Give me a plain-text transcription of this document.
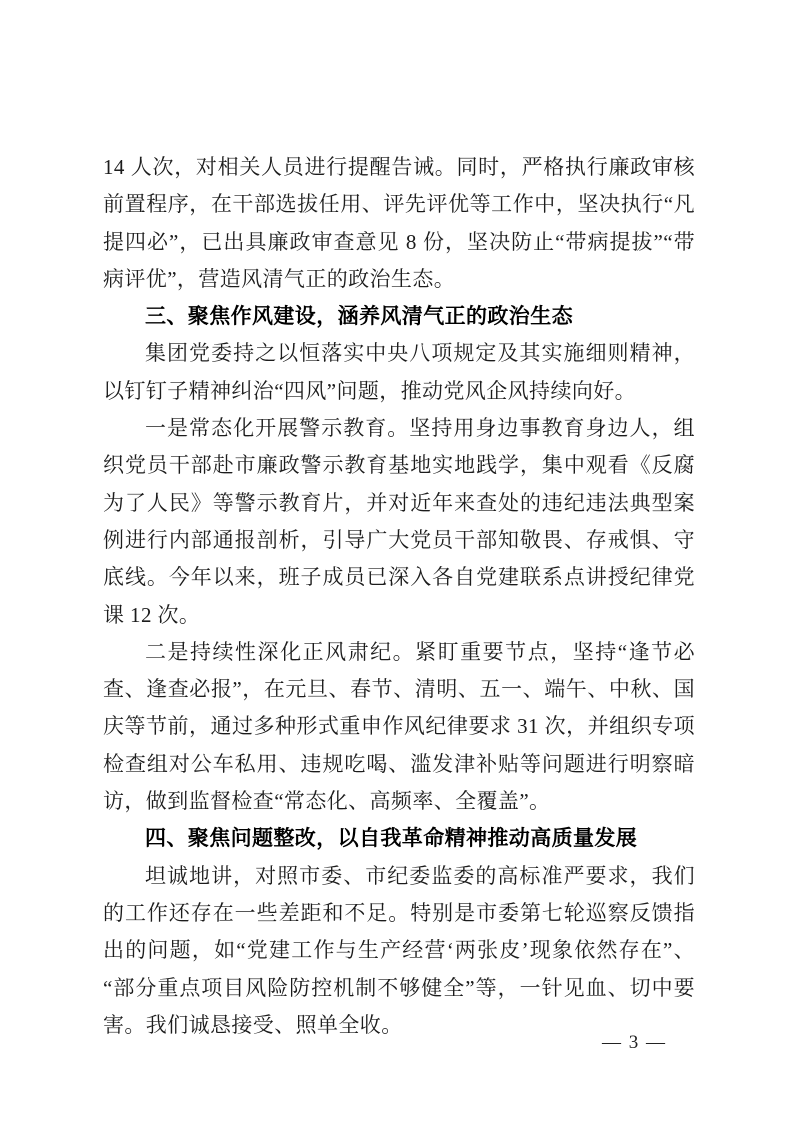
14 人次，对相关人员进行提醒告诫。同时，严格执行廉政审核前置程序，在干部选拔任用、评先评优等工作中，坚决执行“凡提四必”，已出具廉政审查意见 8 份，坚决防止“带病提拔”“带病评优”，营造风清气正的政治生态。

三、聚焦作风建设，涵养风清气正的政治生态

集团党委持之以恒落实中央八项规定及其实施细则精神，以钉钉子精神纠治“四风”问题，推动党风企风持续向好。

一是常态化开展警示教育。坚持用身边事教育身边人，组织党员干部赴市廉政警示教育基地实地践学，集中观看《反腐为了人民》等警示教育片，并对近年来查处的违纪违法典型案例进行内部通报剖析，引导广大党员干部知敬畏、存戒惧、守底线。今年以来，班子成员已深入各自党建联系点讲授纪律党课 12 次。

二是持续性深化正风肃纪。紧盯重要节点，坚持“逢节必查、逢查必报”，在元旦、春节、清明、五一、端午、中秋、国庆等节前，通过多种形式重申作风纪律要求 31 次，并组织专项检查组对公车私用、违规吃喝、滥发津补贴等问题进行明察暗访，做到监督检查“常态化、高频率、全覆盖”。

四、聚焦问题整改，以自我革命精神推动高质量发展

坦诚地讲，对照市委、市纪委监委的高标准严要求，我们的工作还存在一些差距和不足。特别是市委第七轮巡察反馈指出的问题，如“党建工作与生产经营‘两张皮’现象依然存在”、“部分重点项目风险防控机制不够健全”等，一针见血、切中要害。我们诚恳接受、照单全收。

— 3 —
